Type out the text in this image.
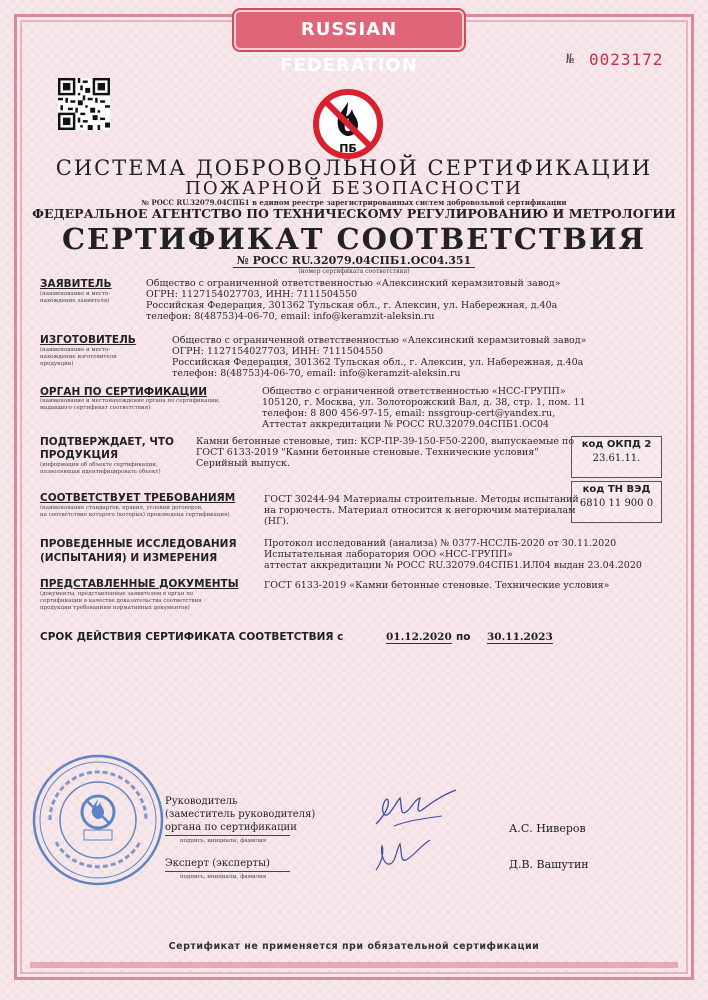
RUSSIAN FEDERATION	№ 0023172
ПБ
СИСТЕМА ДОБРОВОЛЬНОЙ СЕРТИФИКАЦИИ
ПОЖАРНОЙ БЕЗОПАСНОСТИ
№ РОСС RU.32079.04СПБ1 в едином реестре зарегистрированных систем добровольной сертификации
ФЕДЕРАЛЬНОЕ АГЕНТСТВО ПО ТЕХНИЧЕСКОМУ РЕГУЛИРОВАНИЮ И МЕТРОЛОГИИ
СЕРТИФИКАТ СООТВЕТСТВИЯ
№ РОСС RU.32079.04СПБ1.ОС04.351
(номер сертификата соответствия)
ЗАЯВИТЕЛЬ
(наименование и место-
нахождение заявителя)
Общество с ограниченной ответственностью «Алексинский керамзитовый завод»
ОГРН: 1127154027703, ИНН: 7111504550
Российская Федерация, 301362 Тульская обл., г. Алексин, ул. Набережная, д.40а
телефон: 8(48753)4-06-70, email: info@keramzit-aleksin.ru
ИЗГОТОВИТЕЛЬ
(наименование и место-
нахождение изготовителя
продукции)
Общество с ограниченной ответственностью «Алексинский керамзитовый завод»
ОГРН: 1127154027703, ИНН: 7111504550
Российская Федерация, 301362 Тульская обл., г. Алексин, ул. Набережная, д.40а
телефон: 8(48753)4-06-70, email: info@keramzit-aleksin.ru
ОРГАН ПО СЕРТИФИКАЦИИ
(наименование и местонахождение органа по сертификации,
выдавшего сертификат соответствия)
Общество с ограниченной ответственностью «НСС-ГРУПП»
105120, г. Москва, ул. Золоторожский Вал, д. 38, стр. 1, пом. 11
телефон: 8 800 456-97-15, email: nssgroup-cert@yandex.ru,
Аттестат аккредитации № РОСС RU.32079.04СПБ1.ОС04
ПОДТВЕРЖДАЕТ, ЧТО
ПРОДУКЦИЯ
(информация об объекте сертификации,
позволяющая идентифицировать объект)
Камни бетонные стеновые, тип: КСР-ПР-39-150-F50-2200, выпускаемые по
ГОСТ 6133-2019 "Камни бетонные стеновые. Технические условия"
Серийный выпуск.
код ОКПД 2
23.61.11.
код ТН ВЭД
6810 11 900 0
СООТВЕТСТВУЕТ ТРЕБОВАНИЯМ
(наименование стандартов, правил, условий договоров,
на соответствие которого (которых) произведена сертификация)
ГОСТ 30244-94 Материалы строительные. Методы испытаний
на горючесть. Материал относится к негорючим материалам
(НГ).
ПРОВЕДЕННЫЕ ИССЛЕДОВАНИЯ
(ИСПЫТАНИЯ) И ИЗМЕРЕНИЯ
Протокол исследований (анализа) № 0377-НССЛБ-2020 от 30.11.2020
Испытательная лаборатория ООО «НСС-ГРУПП»
аттестат аккредитации № РОСС RU.32079.04СПБ1.ИЛ04 выдан 23.04.2020
ПРЕДСТАВЛЕННЫЕ ДОКУМЕНТЫ
(документы, представленные заявителем в орган по
сертификации в качестве доказательства соответствия
продукции требованиям нормативных документов)
ГОСТ 6133-2019 «Камни бетонные стеновые. Технические условия»
СРОК ДЕЙСТВИЯ СЕРТИФИКАТА СООТВЕТСТВИЯ с	01.12.2020 по 30.11.2023
Руководитель
(заместитель руководителя)
органа по сертификации
подпись, инициалы, фамилия
А.С. Ниверов
Эксперт (эксперты)
подпись, инициалы, фамилия
Д.В. Вашутин
Сертификат не применяется при обязательной сертификации
